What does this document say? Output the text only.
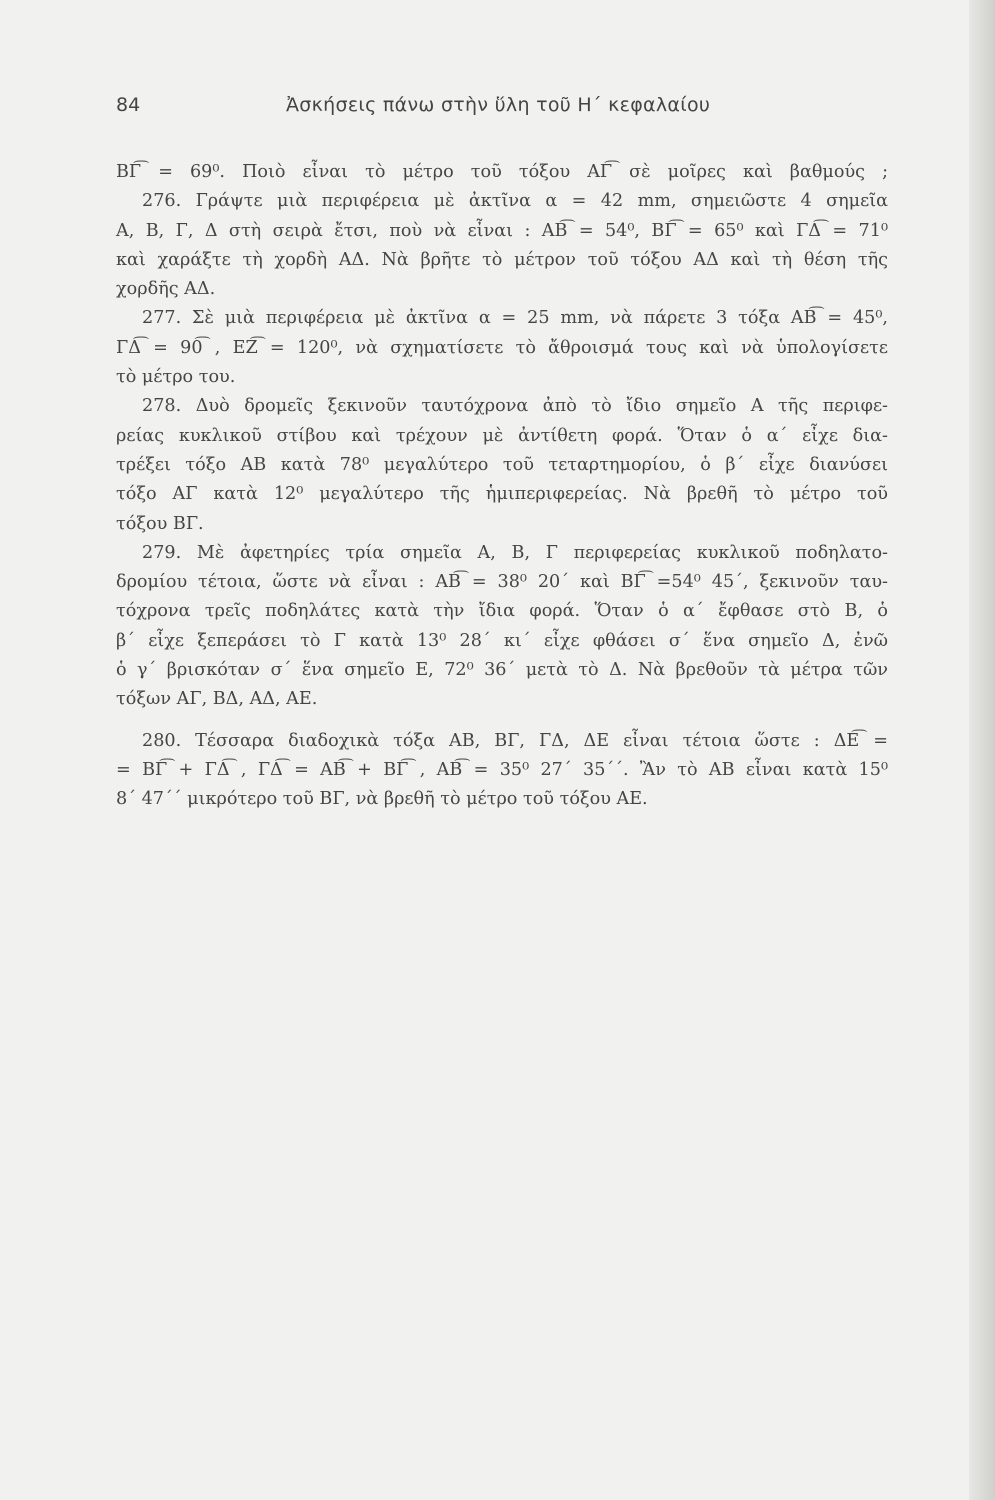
84	Ἀσκήσεις πάνω στὴν ὕλη τοῦ Η΄ κεφαλαίου
ΒΓ͡ = 69⁰. Ποιὸ εἶναι τὸ μέτρο τοῦ τόξου ΑΓ͡ σὲ μοῖρες καὶ βαθμούς ;
276. Γράψτε μιὰ περιφέρεια μὲ ἀκτῖνα α = 42 mm, σημειῶστε 4 σημεῖα
Α, Β, Γ, Δ στὴ σειρὰ ἔτσι, ποὺ νὰ εἶναι : ΑΒ͡ = 54⁰, ΒΓ͡ = 65⁰ καὶ ΓΔ͡ = 71⁰
καὶ χαράξτε τὴ χορδὴ ΑΔ. Νὰ βρῆτε τὸ μέτρον τοῦ τόξου ΑΔ καὶ τὴ θέση τῆς
χορδῆς ΑΔ.
277. Σὲ μιὰ περιφέρεια μὲ ἀκτῖνα α = 25 mm, νὰ πάρετε 3 τόξα ΑΒ͡ = 45⁰,
ΓΔ͡ = 90͡ , ΕΖ͡ = 120⁰, νὰ σχηματίσετε τὸ ἄθροισμά τους καὶ νὰ ὑπολογίσετε
τὸ μέτρο του.
278. Δυὸ δρομεῖς ξεκινοῦν ταυτόχρονα ἀπὸ τὸ ἴδιο σημεῖο Α τῆς περιφε-
ρείας κυκλικοῦ στίβου καὶ τρέχουν μὲ ἀντίθετη φορά. Ὅταν ὁ α΄ εἶχε δια-
τρέξει τόξο ΑΒ κατὰ 78⁰ μεγαλύτερο τοῦ τεταρτημορίου, ὁ β΄ εἶχε διανύσει
τόξο ΑΓ κατὰ 12⁰ μεγαλύτερο τῆς ἡμιπεριφερείας. Νὰ βρεθῆ τὸ μέτρο τοῦ
τόξου ΒΓ.
279. Μὲ ἀφετηρίες τρία σημεῖα Α, Β, Γ περιφερείας κυκλικοῦ ποδηλατο-
δρομίου τέτοια, ὥστε νὰ εἶναι : ΑΒ͡ = 38⁰ 20΄ καὶ ΒΓ͡ =54⁰ 45΄, ξεκινοῦν ταυ-
τόχρονα τρεῖς ποδηλάτες κατὰ τὴν ἴδια φορά. Ὅταν ὁ α΄ ἔφθασε στὸ Β, ὁ
β΄ εἶχε ξεπεράσει τὸ Γ κατὰ 13⁰ 28΄ κι΄ εἶχε φθάσει σ΄ ἕνα σημεῖο Δ, ἐνῶ
ὁ γ΄ βρισκόταν σ΄ ἕνα σημεῖο Ε, 72⁰ 36΄ μετὰ τὸ Δ. Νὰ βρεθοῦν τὰ μέτρα τῶν
τόξων ΑΓ, ΒΔ, ΑΔ, ΑΕ.
280. Τέσσαρα διαδοχικὰ τόξα ΑΒ, ΒΓ, ΓΔ, ΔΕ εἶναι τέτοια ὥστε : ΔΕ͡ =
= ΒΓ͡ + ΓΔ͡ , ΓΔ͡ = ΑΒ͡ + ΒΓ͡ , ΑΒ͡ = 35⁰ 27΄ 35΄΄. Ἂν τὸ ΑΒ εἶναι κατὰ 15⁰
8΄ 47΄΄ μικρότερο τοῦ ΒΓ, νὰ βρεθῆ τὸ μέτρο τοῦ τόξου ΑΕ.
